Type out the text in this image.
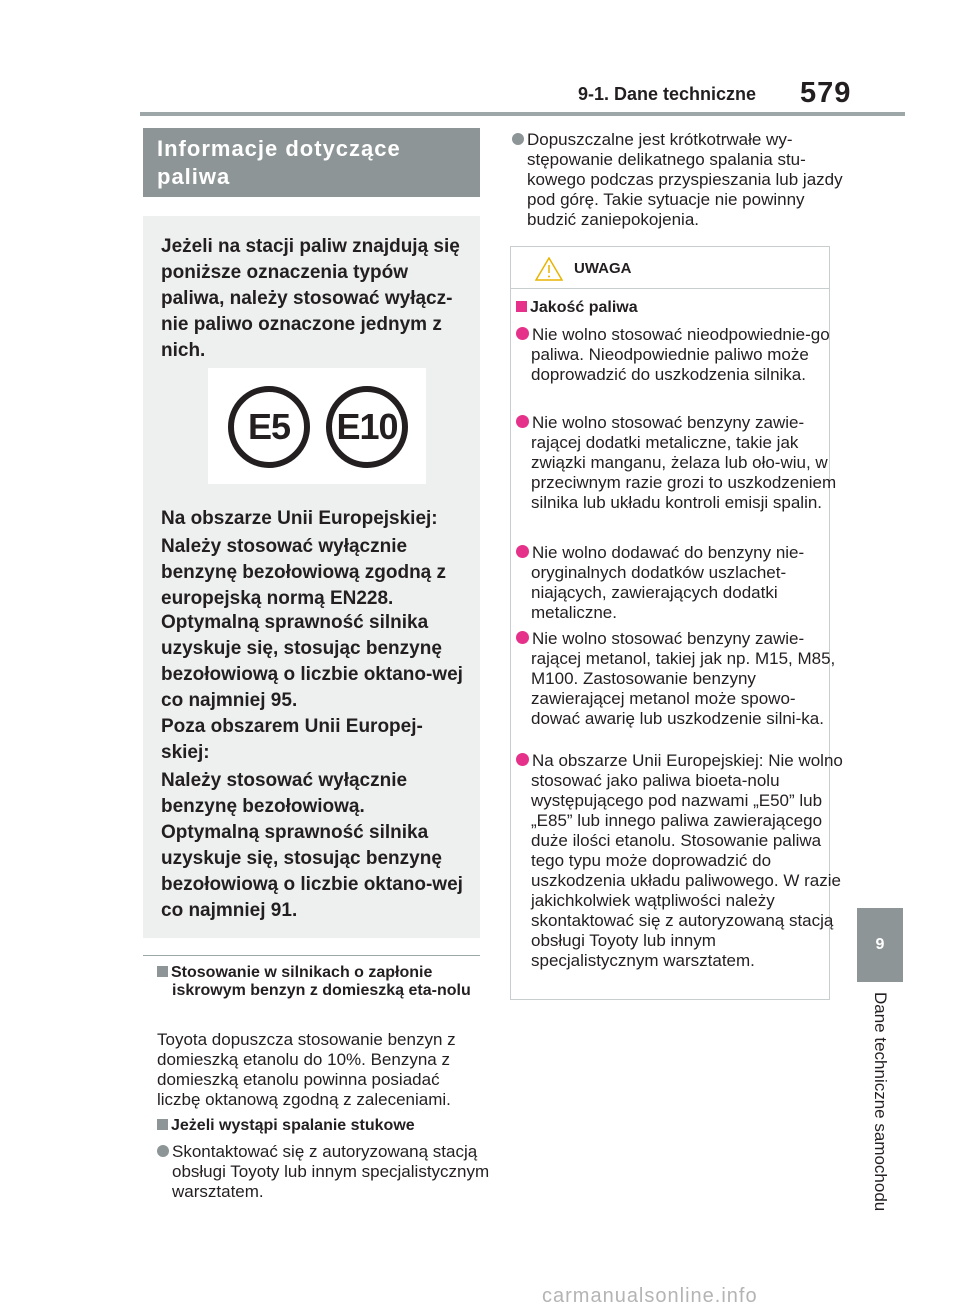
9-1. Dane techniczne 579
9
Dane techniczne samochodu
Informacje dotyczące paliwa

Jeżeli na stacji paliw znajdują się poniższe oznaczenia typów paliwa, należy stosować wyłącz-nie paliwo oznaczone jednym z nich.

Na obszarze Unii Europejskiej:

Należy stosować wyłącznie benzynę bezołowiową zgodną z europejską normą EN228.

Optymalną sprawność silnika uzyskuje się, stosując benzynę bezołowiową o liczbie oktano-wej co najmniej 95.

Poza obszarem Unii Europej-skiej:

Należy stosować wyłącznie benzynę bezołowiową.

Optymalną sprawność silnika uzyskuje się, stosując benzynę bezołowiową o liczbie oktano-wej co najmniej 91.

E5	E10
Stosowanie w silnikach o zapłonie iskrowym benzyn z domieszką eta-nolu

Toyota dopuszcza stosowanie benzyn z domieszką etanolu do 10%. Benzyna z domieszką etanolu powinna posiadać liczbę oktanową zgodną z zaleceniami.

Jeżeli wystąpi spalanie stukowe
Skontaktować się z autoryzowaną stacją obsługi Toyoty lub innym specjalistycznym warsztatem.
Dopuszczalne jest krótkotrwałe wy-stępowanie delikatnego spalania stu-kowego podczas przyspieszania lub jazdy pod górę. Takie sytuacje nie powinny budzić zaniepokojenia.
UWAGA
Jakość paliwa
Nie wolno stosować nieodpowiednie-go paliwa. Nieodpowiednie paliwo może doprowadzić do uszkodzenia silnika.
Nie wolno stosować benzyny zawie-rającej dodatki metaliczne, takie jak związki manganu, żelaza lub oło-wiu, w przeciwnym razie grozi to uszkodzeniem silnika lub układu kontroli emisji spalin.
Nie wolno dodawać do benzyny nie-oryginalnych dodatków uszlachet-niających, zawierających dodatki metaliczne.
Nie wolno stosować benzyny zawie-rającej metanol, takiej jak np. M15, M85, M100. Zastosowanie benzyny zawierającej metanol może spowo-dować awarię lub uszkodzenie silni-ka.
Na obszarze Unii Europejskiej: Nie wolno stosować jako paliwa bioeta-nolu występującego pod nazwami „E50” lub „E85” lub innego paliwa zawierającego duże ilości etanolu. Stosowanie paliwa tego typu może doprowadzić do uszkodzenia układu paliwowego. W razie jakichkolwiek wątpliwości należy skontaktować się z autoryzowaną stacją obsługi Toyoty lub innym specjalistycznym warsztatem.
carmanualsonline.info
